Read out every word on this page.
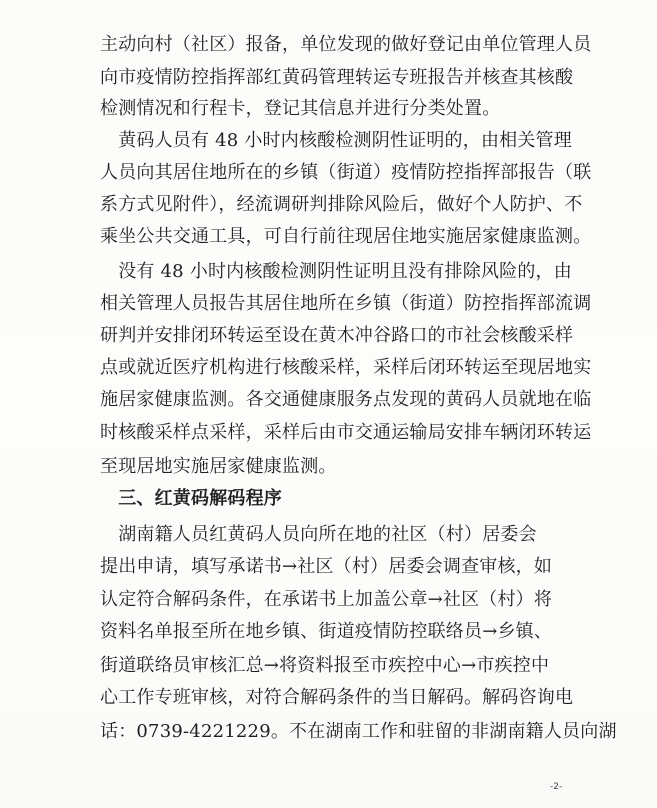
主动向村（社区）报备，单位发现的做好登记由单位管理人员
向市疫情防控指挥部红黄码管理转运专班报告并核查其核酸
检测情况和行程卡，登记其信息并进行分类处置。
　黄码人员有 48 小时内核酸检测阴性证明的，由相关管理
人员向其居住地所在的乡镇（街道）疫情防控指挥部报告（联
系方式见附件），经流调研判排除风险后，做好个人防护、不
乘坐公共交通工具，可自行前往现居住地实施居家健康监测。
　没有 48 小时内核酸检测阴性证明且没有排除风险的，由
相关管理人员报告其居住地所在乡镇（街道）防控指挥部流调
研判并安排闭环转运至设在黄木冲谷路口的市社会核酸采样
点或就近医疗机构进行核酸采样，采样后闭环转运至现居地实
施居家健康监测。各交通健康服务点发现的黄码人员就地在临
时核酸采样点采样，采样后由市交通运输局安排车辆闭环转运
至现居地实施居家健康监测。
　三、红黄码解码程序
　湖南籍人员红黄码人员向所在地的社区（村）居委会
提出申请，填写承诺书→社区（村）居委会调查审核，如
认定符合解码条件，在承诺书上加盖公章→社区（村）将
资料名单报至所在地乡镇、街道疫情防控联络员→乡镇、
街道联络员审核汇总→将资料报至市疾控中心→市疾控中
心工作专班审核，对符合解码条件的当日解码。解码咨询电
话：0739-4221229。不在湖南工作和驻留的非湖南籍人员向湖
-2-
